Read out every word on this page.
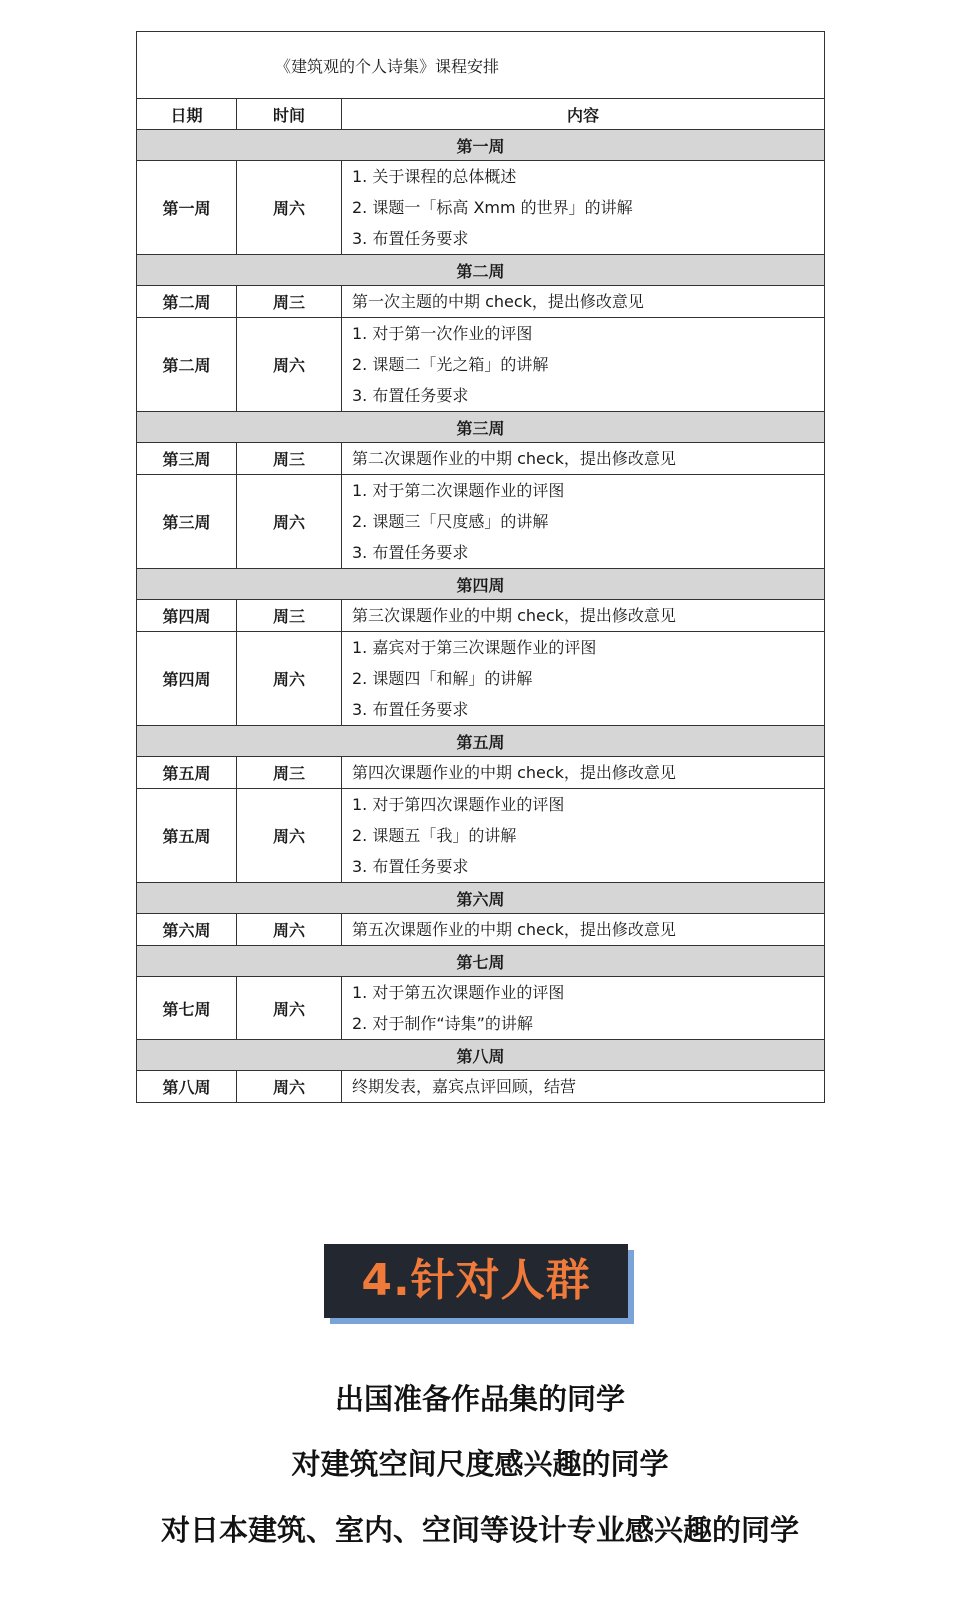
《建筑观的个人诗集》课程安排		
日期	时间	内容
第一周		
第一周	周六	1. 关于课程的总体概述
2. 课题一「标高 Xmm 的世界」的讲解
3. 布置任务要求

第二周		
第二周	周三	第一次主题的中期 check，提出修改意见

第二周	周六	1. 对于第一次作业的评图
2. 课题二「光之箱」的讲解
3. 布置任务要求

第三周		
第三周	周三	第二次课题作业的中期 check，提出修改意见

第三周	周六	1. 对于第二次课题作业的评图
2. 课题三「尺度感」的讲解
3. 布置任务要求

第四周		
第四周	周三	第三次课题作业的中期 check，提出修改意见

第四周	周六	1. 嘉宾对于第三次课题作业的评图
2. 课题四「和解」的讲解
3. 布置任务要求

第五周		
第五周	周三	第四次课题作业的中期 check，提出修改意见

第五周	周六	1. 对于第四次课题作业的评图
2. 课题五「我」的讲解
3. 布置任务要求

第六周		
第六周	周六	第五次课题作业的中期 check，提出修改意见

第七周		
第七周	周六	1. 对于第五次课题作业的评图
2. 对于制作“诗集”的讲解

第八周		
第八周	周六	终期发表，嘉宾点评回顾，结营
4.针对人群
出国准备作品集的同学
对建筑空间尺度感兴趣的同学
对日本建筑、室内、空间等设计专业感兴趣的同学
